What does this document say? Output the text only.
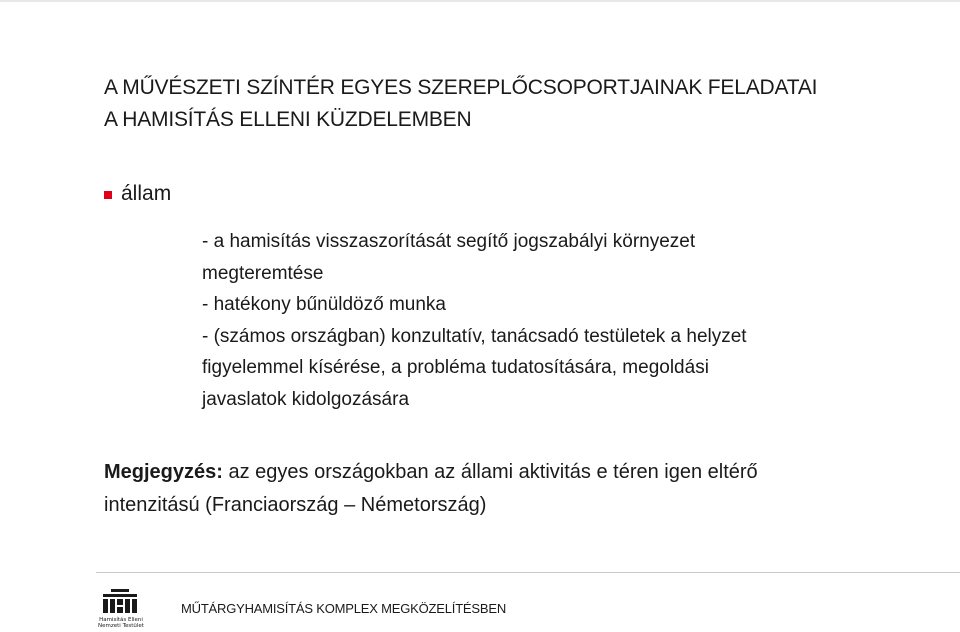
A MŰVÉSZETI SZÍNTÉR EGYES SZEREPLŐCSOPORTJAINAK FELADATAI
A HAMISÍTÁS ELLENI KÜZDELEMBEN
állam
- a hamisítás visszaszorítását segítő jogszabályi környezet
megteremtése
- hatékony bűnüldöző munka
- (számos országban) konzultatív, tanácsadó testületek a helyzet
figyelemmel kísérése, a probléma tudatosítására, megoldási
javaslatok kidolgozására
Megjegyzés: az egyes országokban az állami aktivitás e téren igen eltérő
intenzitású (Franciaország – Németország)
Hamisítás Elleni
Nemzeti Testület
MŰTÁRGYHAMISÍTÁS KOMPLEX MEGKÖZELÍTÉSBEN
